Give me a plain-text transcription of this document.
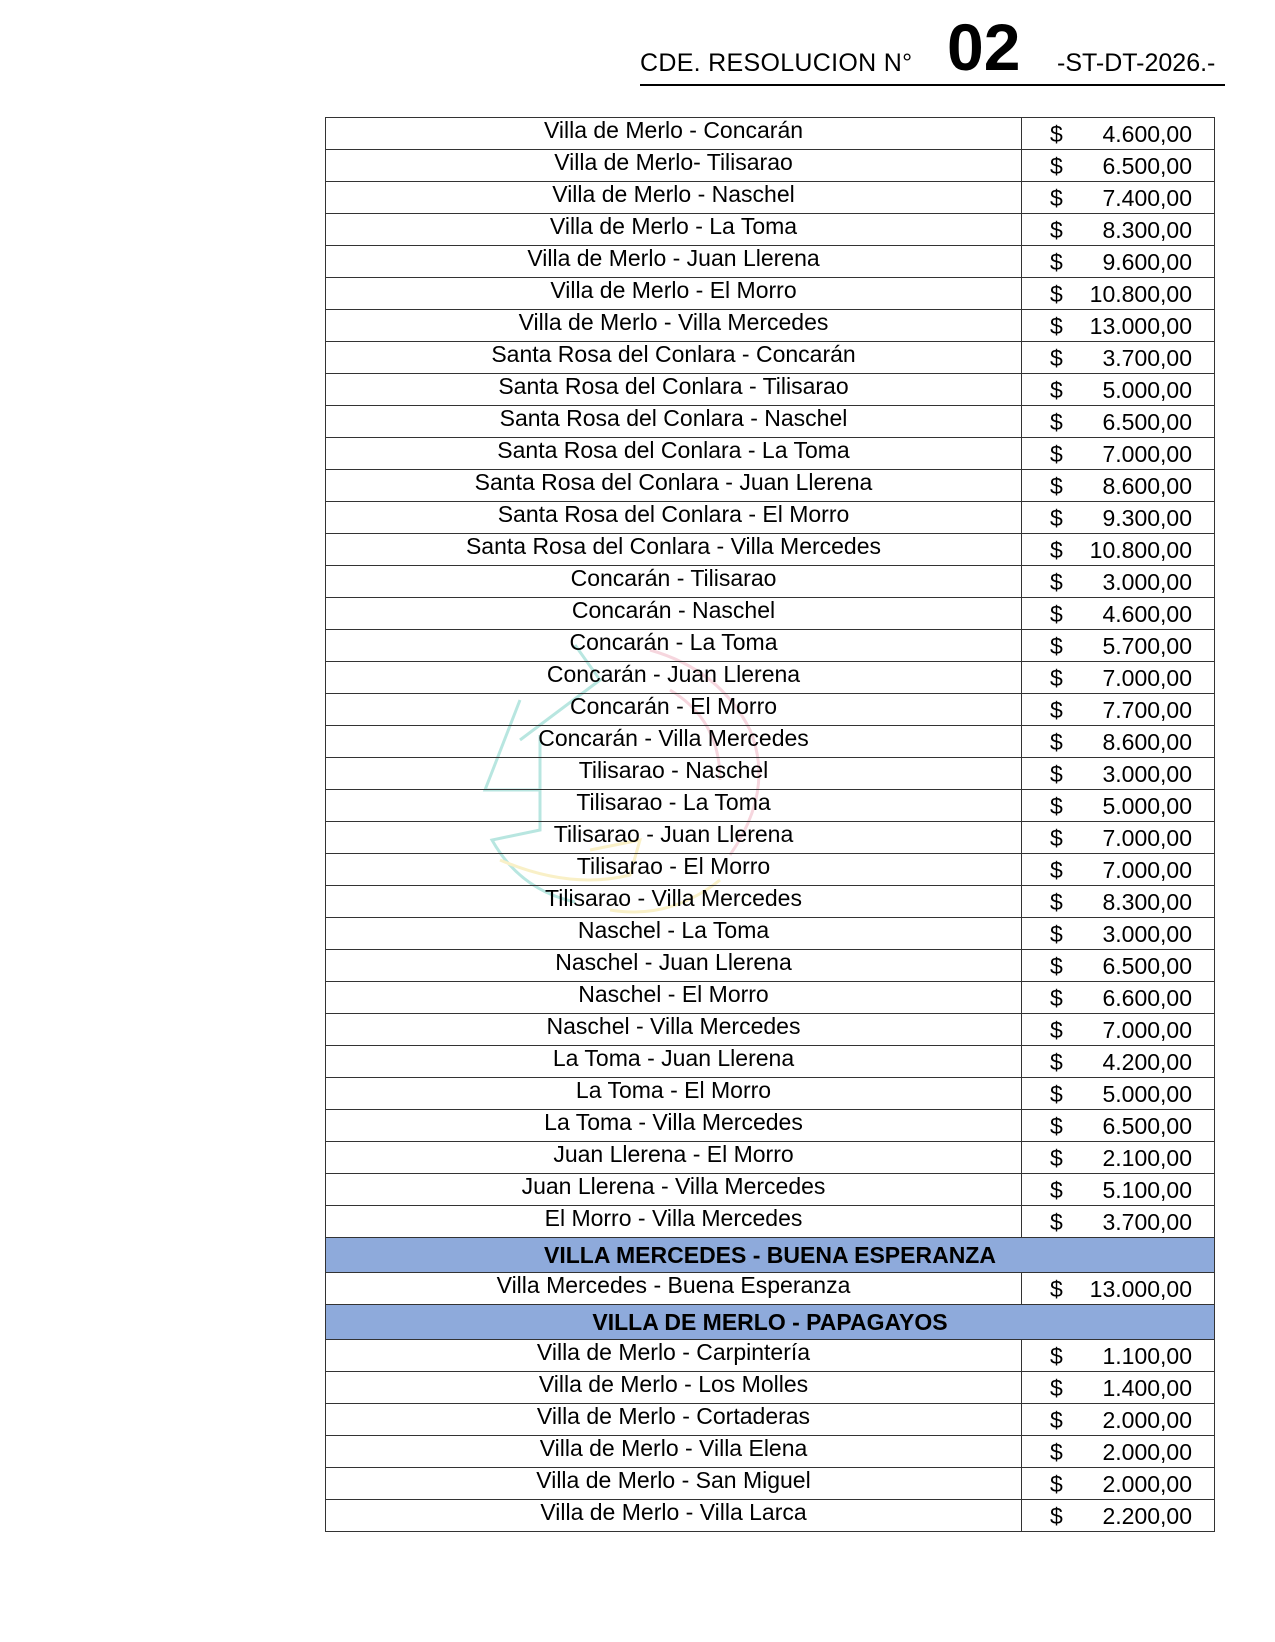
CDE. RESOLUCION N° 02 -ST-DT-2026.-
Villa de Merlo - Concarán	$ 4.600,00

Villa de Merlo- Tilisarao	$ 6.500,00

Villa de Merlo - Naschel	$ 7.400,00

Villa de Merlo - La Toma	$ 8.300,00

Villa de Merlo - Juan Llerena	$ 9.600,00

Villa de Merlo - El Morro	$ 10.800,00

Villa de Merlo - Villa Mercedes	$ 13.000,00

Santa Rosa del Conlara - Concarán	$ 3.700,00

Santa Rosa del Conlara - Tilisarao	$ 5.000,00

Santa Rosa del Conlara - Naschel	$ 6.500,00

Santa Rosa del Conlara - La Toma	$ 7.000,00

Santa Rosa del Conlara - Juan Llerena	$ 8.600,00

Santa Rosa del Conlara - El Morro	$ 9.300,00

Santa Rosa del Conlara - Villa Mercedes	$ 10.800,00

Concarán - Tilisarao	$ 3.000,00

Concarán - Naschel	$ 4.600,00

Concarán - La Toma	$ 5.700,00

Concarán - Juan Llerena	$ 7.000,00

Concarán - El Morro	$ 7.700,00

Concarán - Villa Mercedes	$ 8.600,00

Tilisarao - Naschel	$ 3.000,00

Tilisarao - La Toma	$ 5.000,00

Tilisarao - Juan Llerena	$ 7.000,00

Tilisarao - El Morro	$ 7.000,00

Tilisarao - Villa Mercedes	$ 8.300,00

Naschel - La Toma	$ 3.000,00

Naschel - Juan Llerena	$ 6.500,00

Naschel - El Morro	$ 6.600,00

Naschel - Villa Mercedes	$ 7.000,00

La Toma - Juan Llerena	$ 4.200,00

La Toma - El Morro	$ 5.000,00

La Toma - Villa Mercedes	$ 6.500,00

Juan Llerena - El Morro	$ 2.100,00

Juan Llerena - Villa Mercedes	$ 5.100,00

El Morro - Villa Mercedes	$ 3.700,00

VILLA MERCEDES - BUENA ESPERANZA	
Villa Mercedes - Buena Esperanza	$ 13.000,00

VILLA DE MERLO - PAPAGAYOS	
Villa de Merlo - Carpintería	$ 1.100,00

Villa de Merlo - Los Molles	$ 1.400,00

Villa de Merlo - Cortaderas	$ 2.000,00

Villa de Merlo - Villa Elena	$ 2.000,00

Villa de Merlo - San Miguel	$ 2.000,00

Villa de Merlo - Villa Larca	$ 2.200,00
